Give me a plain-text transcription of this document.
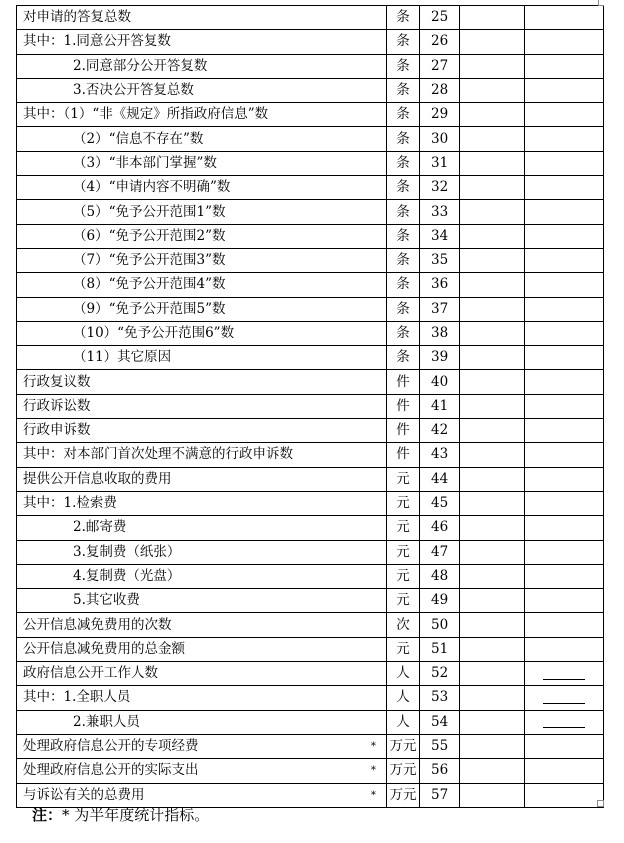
对申请的答复总数	条	25		
其中：1.同意公开答复数	条	26		
2.同意部分公开答复数	条	27		
3.否决公开答复总数	条	28		
其中：（1）“非《规定》所指政府信息”数	条	29		
（2）“信息不存在”数	条	30		
（3）“非本部门掌握”数	条	31		
（4）“申请内容不明确”数	条	32		
（5）“免予公开范围1”数	条	33		
（6）“免予公开范围2”数	条	34		
（7）“免予公开范围3”数	条	35		
（8）“免予公开范围4”数	条	36		
（9）“免予公开范围5”数	条	37		
（10）“免予公开范围6”数	条	38		
（11）其它原因	条	39		
行政复议数	件	40		
行政诉讼数	件	41		
行政申诉数	件	42		
其中：对本部门首次处理不满意的行政申诉数	件	43		
提供公开信息收取的费用	元	44		
其中：1.检索费	元	45		
2.邮寄费	元	46		
3.复制费（纸张）	元	47		
4.复制费（光盘）	元	48		
5.其它收费	元	49		
公开信息减免费用的次数	次	50		
公开信息减免费用的总金额	元	51		
政府信息公开工作人数	人	52		

其中：1.全职人员	人	53		

2.兼职人员	人	54		

处理政府信息公开的专项经费 *	万元	55		
处理政府信息公开的实际支出 *	万元	56		
与诉讼有关的总费用 *	万元	57		
注：* 为半年度统计指标。
